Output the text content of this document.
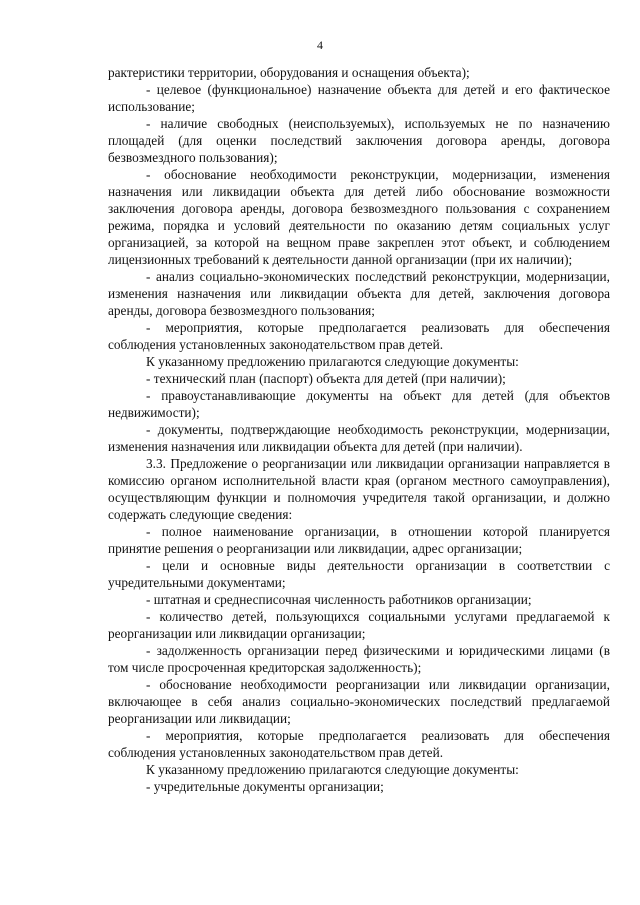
4

рактеристики территории, оборудования и оснащения объекта);

- целевое (функциональное) назначение объекта для детей и его фактическое использование;

- наличие свободных (неиспользуемых), используемых не по назначению площадей (для оценки последствий заключения договора аренды, договора безвозмездного пользования);

- обоснование необходимости реконструкции, модернизации, изменения назначения или ликвидации объекта для детей либо обоснование возможности заключения договора аренды, договора безвозмездного пользования с сохранением режима, порядка и условий деятельности по оказанию детям социальных услуг организацией, за которой на вещном праве закреплен этот объект, и соблюдением лицензионных требований к деятельности данной организации (при их наличии);

- анализ социально-экономических последствий реконструкции, модернизации, изменения назначения или ликвидации объекта для детей, заключения договора аренды, договора безвозмездного пользования;

- мероприятия, которые предполагается реализовать для обеспечения соблюдения установленных законодательством прав детей.

К указанному предложению прилагаются следующие документы:

- технический план (паспорт) объекта для детей (при наличии);

- правоустанавливающие документы на объект для детей (для объектов недвижимости);

- документы, подтверждающие необходимость реконструкции, модернизации, изменения назначения или ликвидации объекта для детей (при наличии).

3.3. Предложение о реорганизации или ликвидации организации направляется в комиссию органом исполнительной власти края (органом местного самоуправления), осуществляющим функции и полномочия учредителя такой организации, и должно содержать следующие сведения:

- полное наименование организации, в отношении которой планируется принятие решения о реорганизации или ликвидации, адрес организации;

- цели и основные виды деятельности организации в соответствии с учредительными документами;

- штатная и среднесписочная численность работников организации;

- количество детей, пользующихся социальными услугами предлагаемой к реорганизации или ликвидации организации;

- задолженность организации перед физическими и юридическими лицами (в том числе просроченная кредиторская задолженность);

- обоснование необходимости реорганизации или ликвидации организации, включающее в себя анализ социально-экономических последствий предлагаемой реорганизации или ликвидации;

- мероприятия, которые предполагается реализовать для обеспечения соблюдения установленных законодательством прав детей.

К указанному предложению прилагаются следующие документы:

- учредительные документы организации;
